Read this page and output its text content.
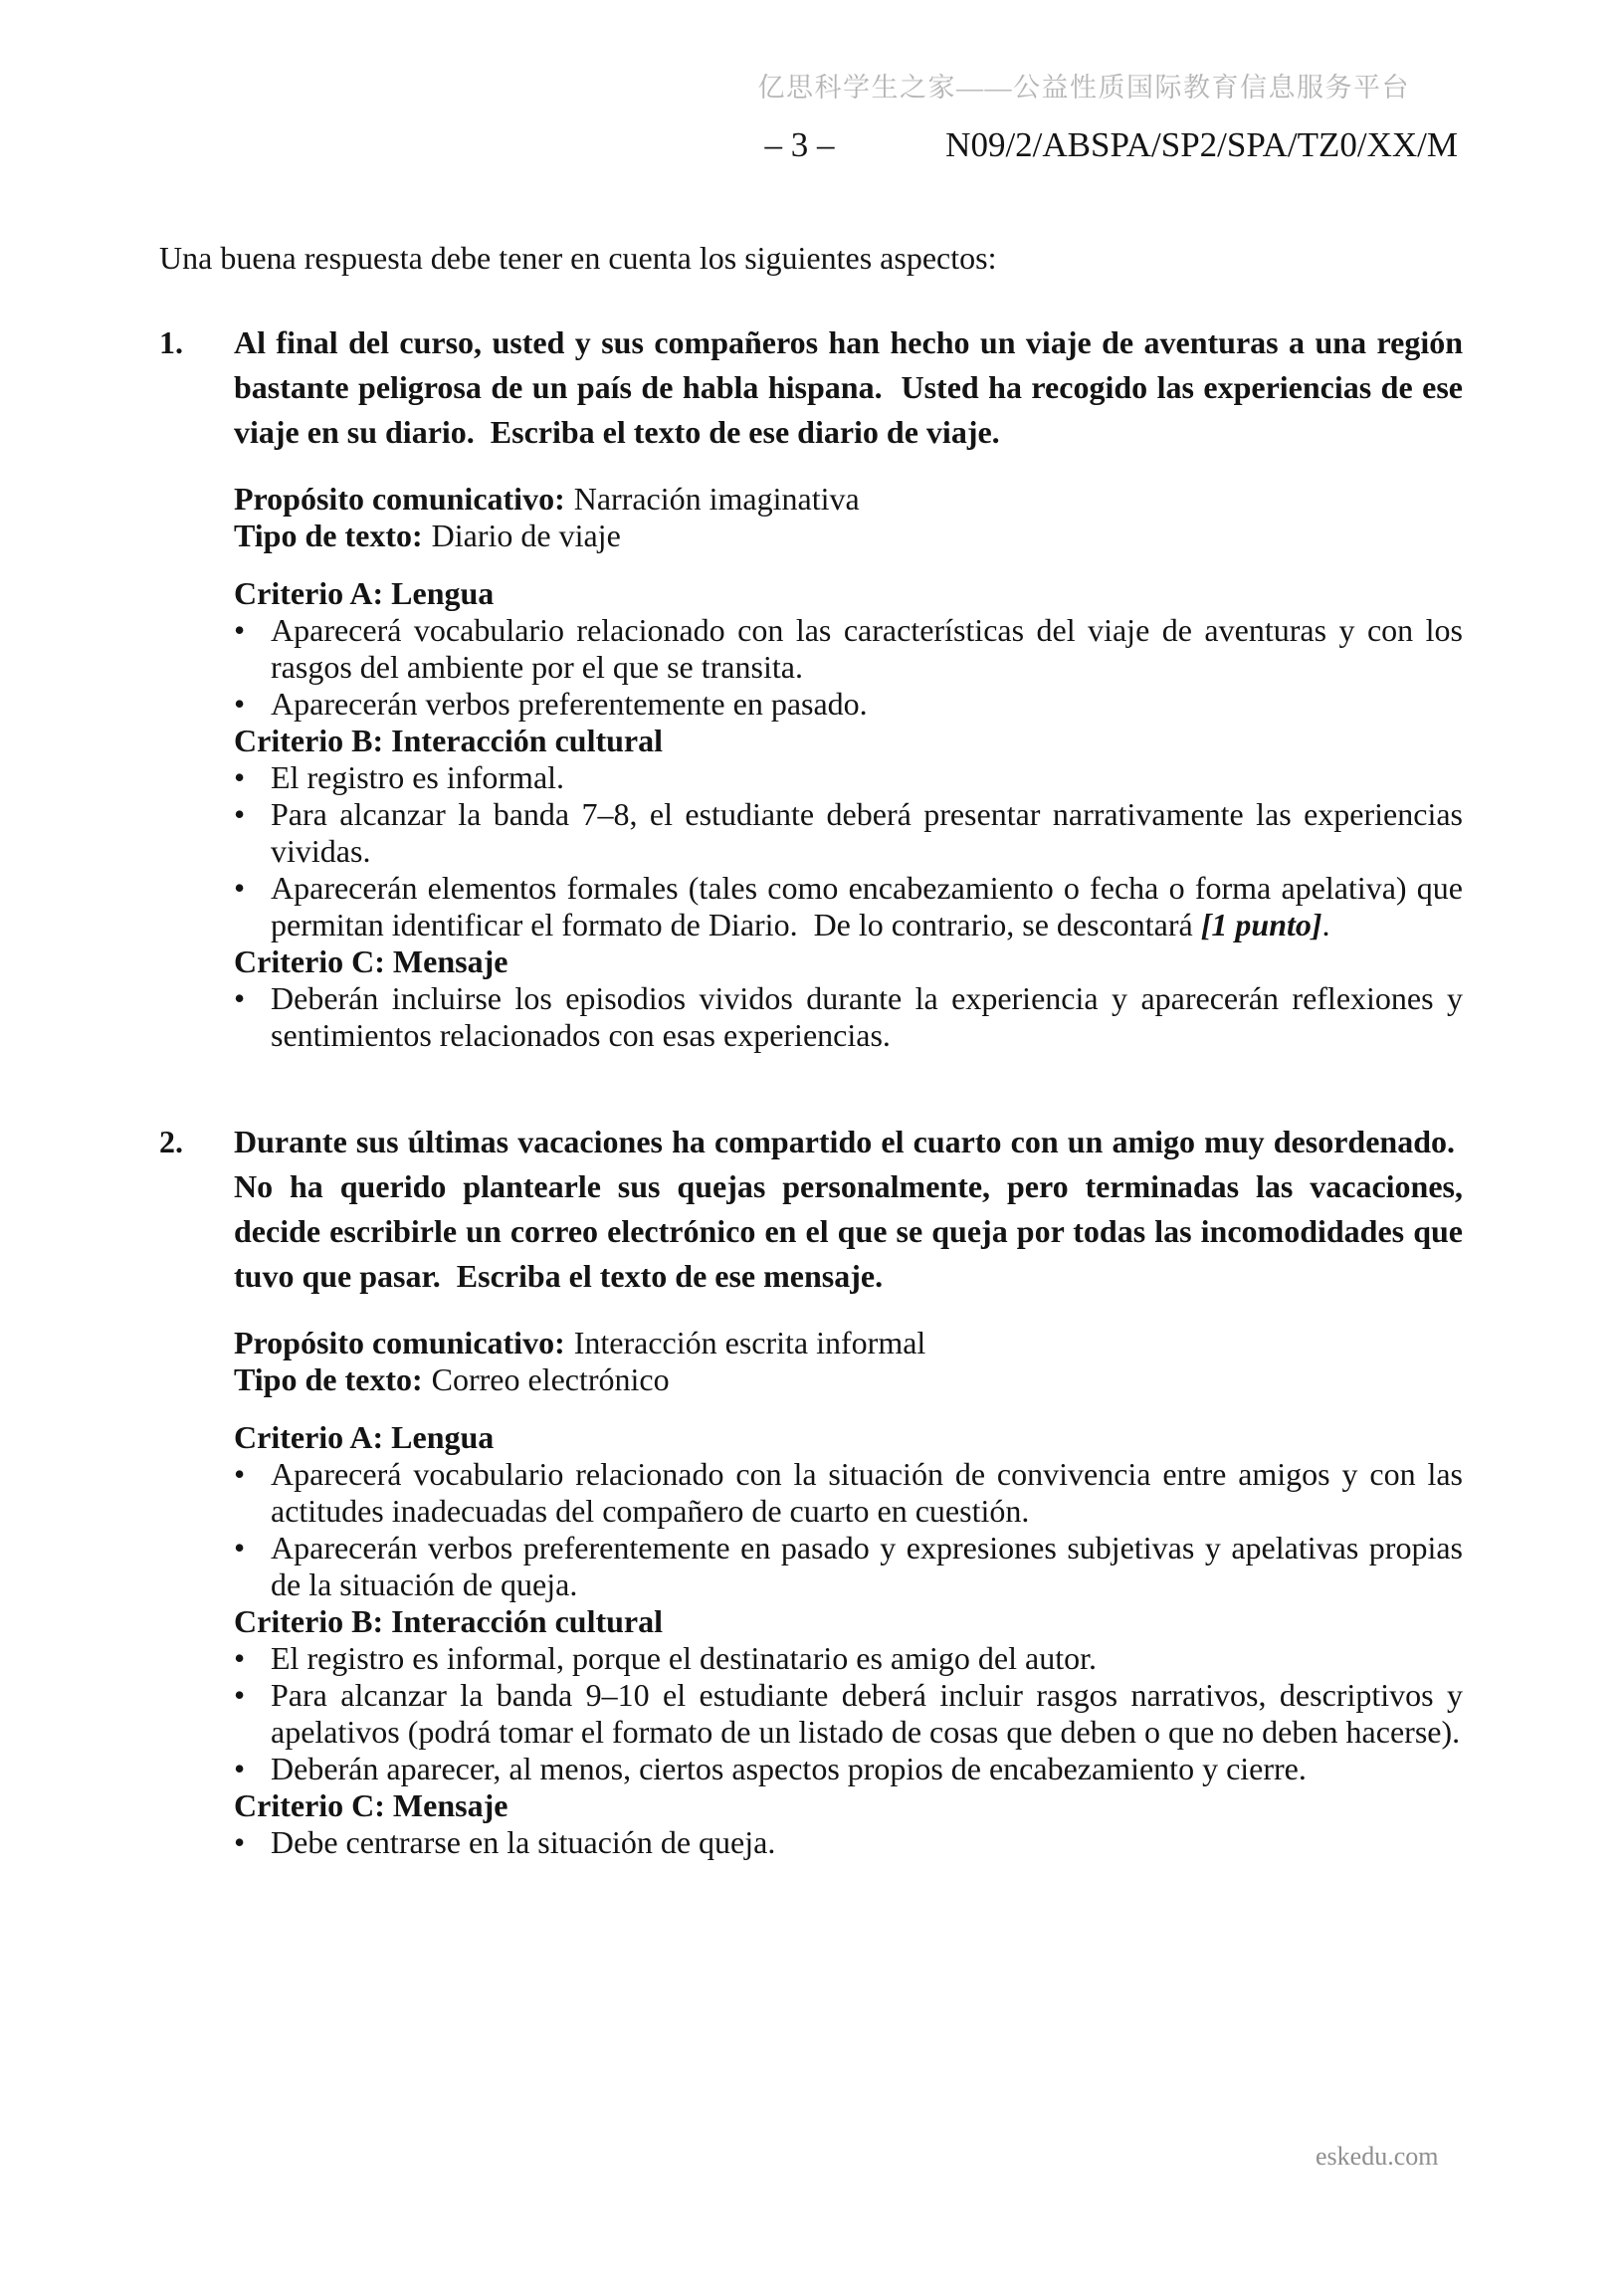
亿思科学生之家——公益性质国际教育信息服务平台
– 3 –	N09/2/ABSPA/SP2/SPA/TZ0/XX/M

Una buena respuesta debe tener en cuenta los siguientes aspectos:

1.	Al final del curso, usted y sus compañeros han hecho un viaje de aventuras a una región bastante peligrosa de un país de habla hispana.  Usted ha recogido las experiencias de ese viaje en su diario.  Escriba el texto de ese diario de viaje.

Propósito comunicativo: Narración imaginativa

Tipo de texto: Diario de viaje

Criterio A: Lengua

• Aparecerá vocabulario relacionado con las características del viaje de aventuras y con los rasgos del ambiente por el que se transita.

• Aparecerán verbos preferentemente en pasado.

Criterio B: Interacción cultural

• El registro es informal.

• Para alcanzar la banda 7–8, el estudiante deberá presentar narrativamente las experiencias vividas.

• Aparecerán elementos formales (tales como encabezamiento o fecha o forma apelativa) que permitan identificar el formato de Diario.  De lo contrario, se descontará [1 punto].

Criterio C: Mensaje

• Deberán incluirse los episodios vividos durante la experiencia y aparecerán reflexiones y sentimientos relacionados con esas experiencias.

2.	Durante sus últimas vacaciones ha compartido el cuarto con un amigo muy desordenado.  No ha querido plantearle sus quejas personalmente, pero terminadas las vacaciones, decide escribirle un correo electrónico en el que se queja por todas las incomodidades que tuvo que pasar.  Escriba el texto de ese mensaje.

Propósito comunicativo: Interacción escrita informal

Tipo de texto: Correo electrónico

Criterio A: Lengua

• Aparecerá vocabulario relacionado con la situación de convivencia entre amigos y con las actitudes inadecuadas del compañero de cuarto en cuestión.

• Aparecerán verbos preferentemente en pasado y expresiones subjetivas y apelativas propias de la situación de queja.

Criterio B: Interacción cultural

• El registro es informal, porque el destinatario es amigo del autor.

• Para alcanzar la banda 9–10 el estudiante deberá incluir rasgos narrativos, descriptivos y apelativos (podrá tomar el formato de un listado de cosas que deben o que no deben hacerse).

• Deberán aparecer, al menos, ciertos aspectos propios de encabezamiento y cierre.

Criterio C: Mensaje

• Debe centrarse en la situación de queja.

eskedu.com
